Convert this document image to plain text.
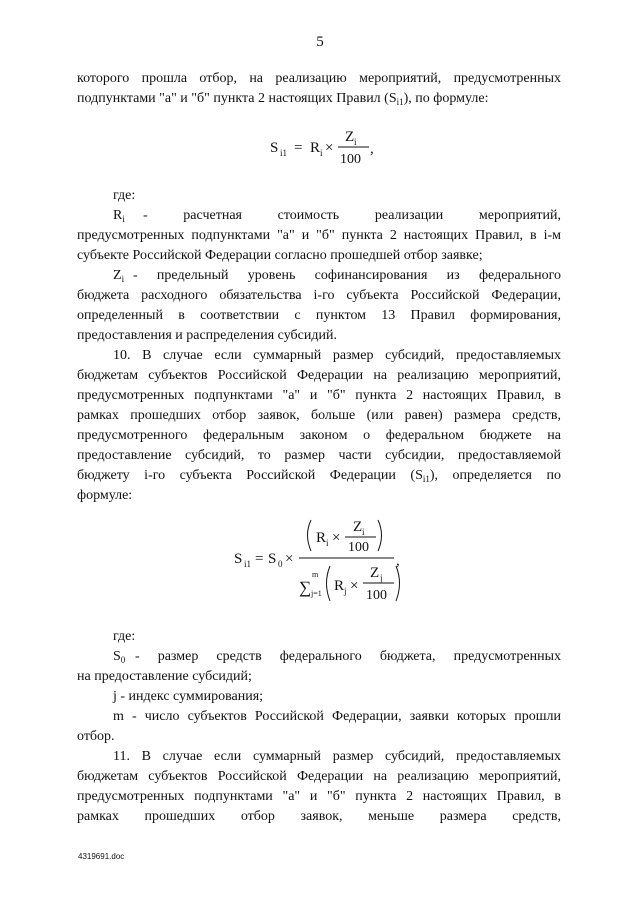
5
которого прошла отбор, на реализацию мероприятий, предусмотренных
подпунктами "а" и "б" пункта 2 настоящих Правил $(S_{i1})$, по формуле:
S i1 = R i ×
Z i
100
,
где:
$R_i$	- расчетная стоимость реализации мероприятий,
предусмотренных подпунктами "а" и "б" пункта 2 настоящих Правил, в i-м
субъекте Российской Федерации согласно прошедшей отбор заявке;
$Z_i$ - предельный уровень софинансирования из федерального
бюджета расходного обязательства i-го субъекта Российской Федерации,
определенный в соответствии с пунктом 13 Правил формирования,
предоставления и распределения субсидий.
10. В случае если суммарный размер субсидий, предоставляемых
бюджетам субъектов Российской Федерации на реализацию мероприятий,
предусмотренных подпунктами "а" и "б" пункта 2 настоящих Правил, в
рамках прошедших отбор заявок, больше (или равен) размера средств,
предусмотренного федеральным законом о федеральном бюджете на
предоставление субсидий, то размер части субсидии, предоставляемой
бюджету i-го субъекта Российской Федерации $(S_{i1})$, определяется по
формуле:
S i1 = S 0 ×
R i ×
Z i
100
,
∑
m
j=1 R j ×
Z j
100
где:
$S_0$ - размер средств федерального бюджета, предусмотренных
на предоставление субсидий;
j - индекс суммирования;
m - число субъектов Российской Федерации, заявки которых прошли
отбор.
11. В случае если суммарный размер субсидий, предоставляемых
бюджетам субъектов Российской Федерации на реализацию мероприятий,
предусмотренных подпунктами "а" и "б" пункта 2 настоящих Правил, в
рамках прошедших отбор заявок, меньше размера средств,
4319691.doc
